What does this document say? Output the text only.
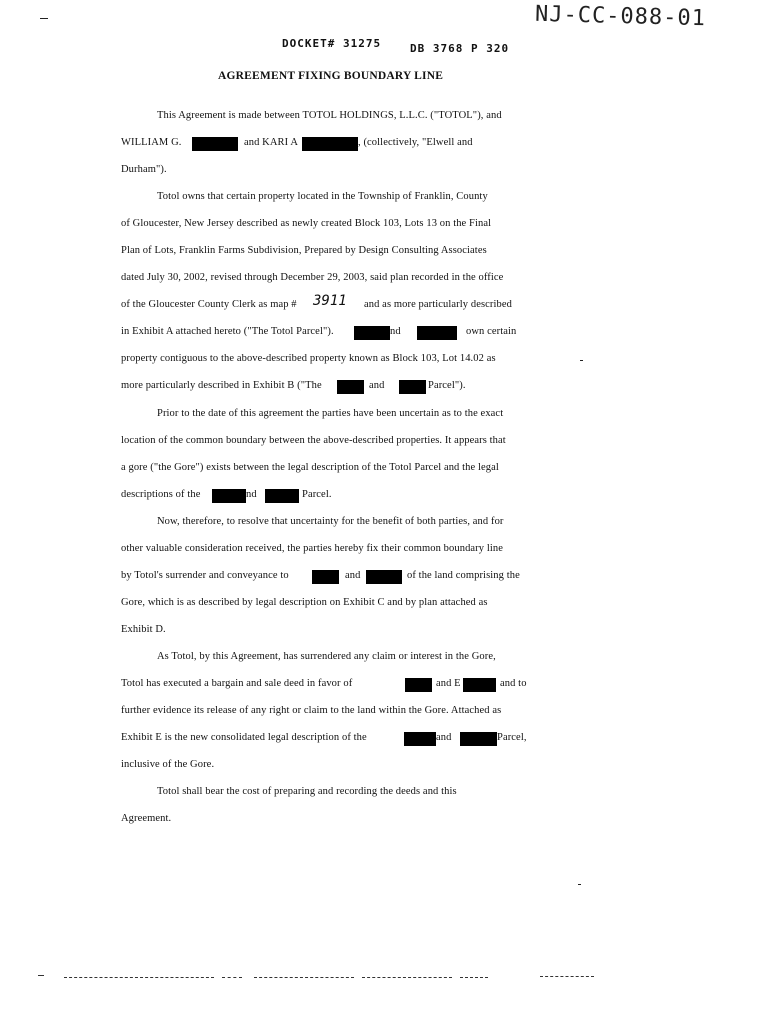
NJ-CC-088-01
DOCKET# 31275	DB 3768 P 320
AGREEMENT FIXING BOUNDARY LINE
This Agreement is made between TOTOL HOLDINGS, L.L.C. ("TOTOL"), and
WILLIAM G.	and KARI A	, (collectively, "Elwell and
Durham").
Totol owns that certain property located in the Township of Franklin, County
of Gloucester, New Jersey described as newly created Block 103, Lots 13 on the Final
Plan of Lots, Franklin Farms Subdivision, Prepared by Design Consulting Associates
dated July 30, 2002, revised through December 29, 2003, said plan recorded in the office
of the Gloucester County Clerk as map # 3911 and as more particularly described
in Exhibit A attached hereto ("The Totol Parcel").	nd	own certain
property contiguous to the above-described property known as Block 103, Lot 14.02 as
more particularly described in Exhibit B ("The	and	Parcel").
Prior to the date of this agreement the parties have been uncertain as to the exact
location of the common boundary between the above-described properties. It appears that
a gore ("the Gore") exists between the legal description of the Totol Parcel and the legal
descriptions of the	nd	Parcel.
Now, therefore, to resolve that uncertainty for the benefit of both parties, and for
other valuable consideration received, the parties hereby fix their common boundary line
by Totol's surrender and conveyance to	and	of the land comprising the
Gore, which is as described by legal description on Exhibit C and by plan attached as
Exhibit D.
As Totol, by this Agreement, has surrendered any claim or interest in the Gore,
Totol has executed a bargain and sale deed in favor of	and E	and to
further evidence its release of any right or claim to the land within the Gore. Attached as
Exhibit E is the new consolidated legal description of the	and	Parcel,
inclusive of the Gore.
Totol shall bear the cost of preparing and recording the deeds and this
Agreement.
